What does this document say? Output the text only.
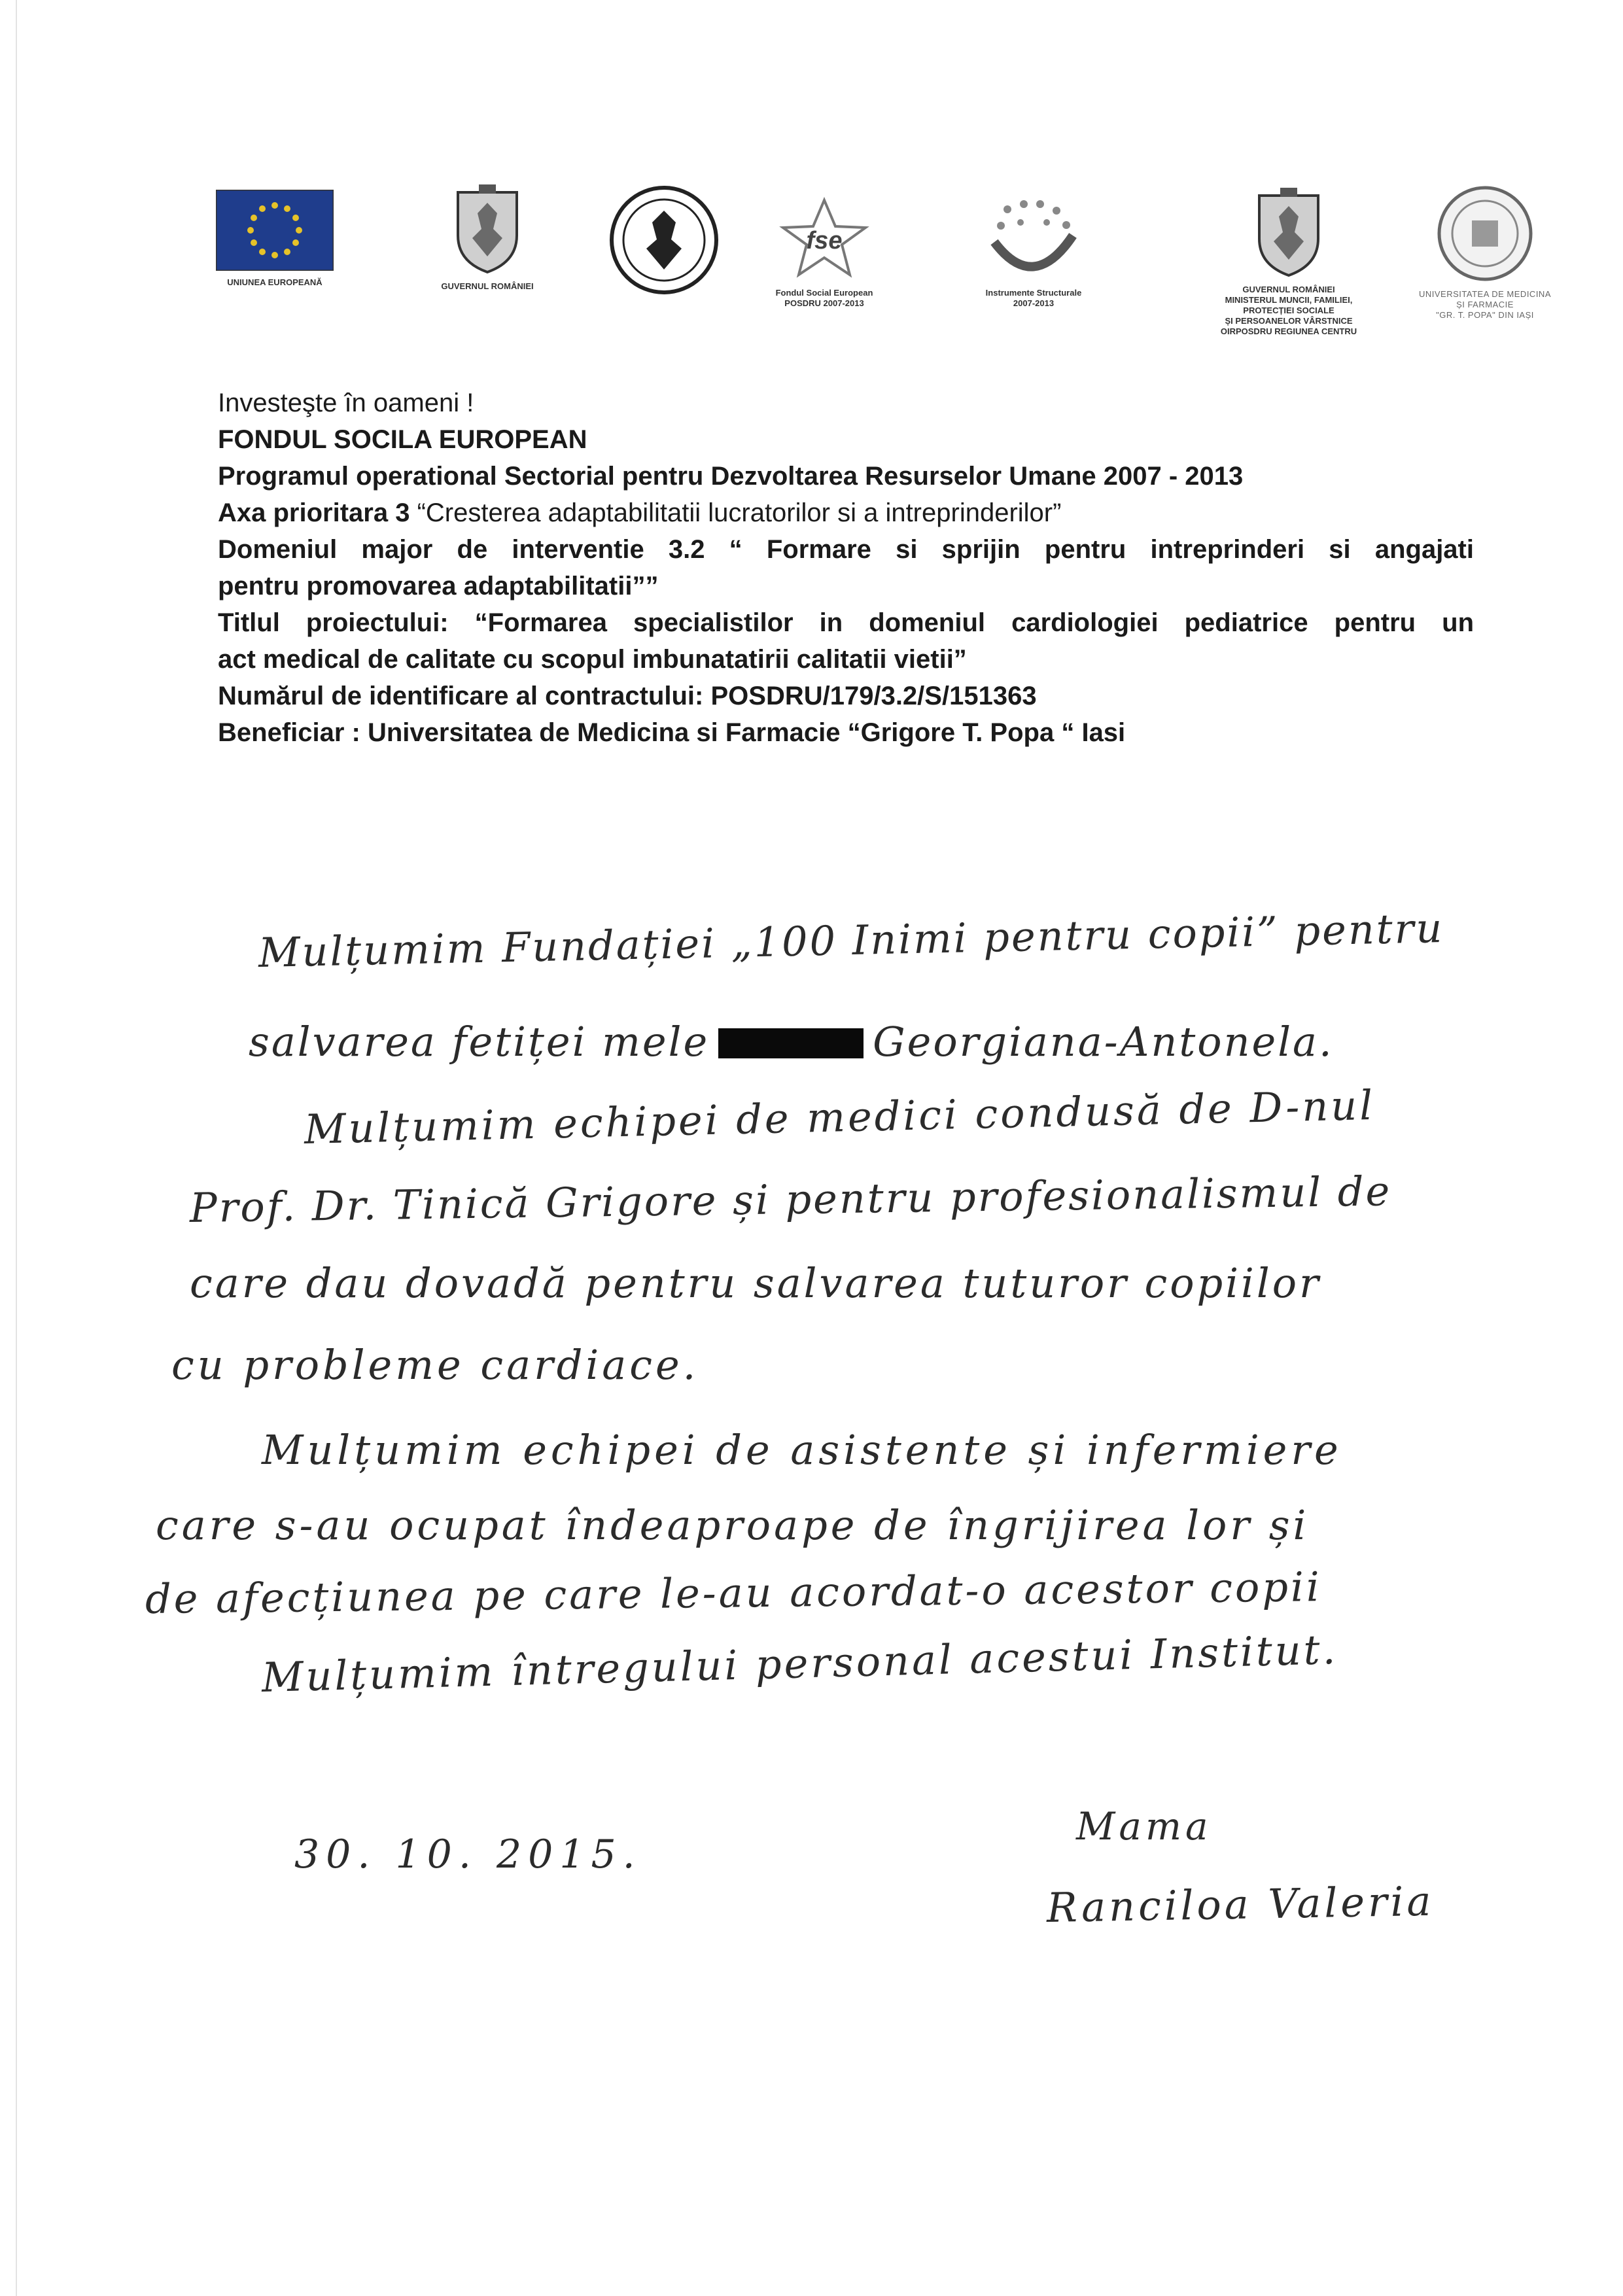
UNIUNEA EUROPEANĂ	GUVERNUL ROMÂNIEI
fse
Fondul Social European
POSDRU 2007-2013
Instrumente Structurale
2007-2013
GUVERNUL ROMÂNIEI
MINISTERUL MUNCII, FAMILIEI,
PROTECȚIEI SOCIALE
ȘI PERSOANELOR VÂRSTNICE
OIRPOSDRU REGIUNEA CENTRU
UNIVERSITATEA DE MEDICINA
ȘI FARMACIE
"GR. T. POPA" DIN IAȘI
Investeşte în oameni !
FONDUL SOCILA EUROPEAN
Programul operational Sectorial pentru Dezvoltarea Resurselor Umane 2007 - 2013
Axa prioritara 3 “Cresterea adaptabilitatii lucratorilor si a intreprinderilor”
Domeniul major de interventie 3.2 “ Formare si sprijin pentru intreprinderi si angajati
pentru promovarea adaptabilitatii””
Titlul proiectului: “Formarea specialistilor in domeniul cardiologiei pediatrice pentru un
act medical de calitate cu scopul imbunatatirii calitatii vietii”
Numărul de identificare al contractului: POSDRU/179/3.2/S/151363
Beneficiar : Universitatea de Medicina si Farmacie “Grigore T. Popa “ Iasi
Mulțumim Fundației „100 Inimi pentru copii” pentru
salvarea fetiței mele	Georgiana-Antonela.
Mulțumim echipei de medici condusă de D-nul
Prof. Dr. Tinică Grigore și pentru profesionalismul de
care dau dovadă pentru salvarea tuturor copiilor
cu probleme cardiace.
Mulțumim echipei de asistente și infermiere
care s-au ocupat îndeaproape de îngrijirea lor și
de afecțiunea pe care le-au acordat-o acestor copii
Mulțumim întregului personal acestui Institut.
30. 10. 2015.
Mama
Ranciloa Valeria
